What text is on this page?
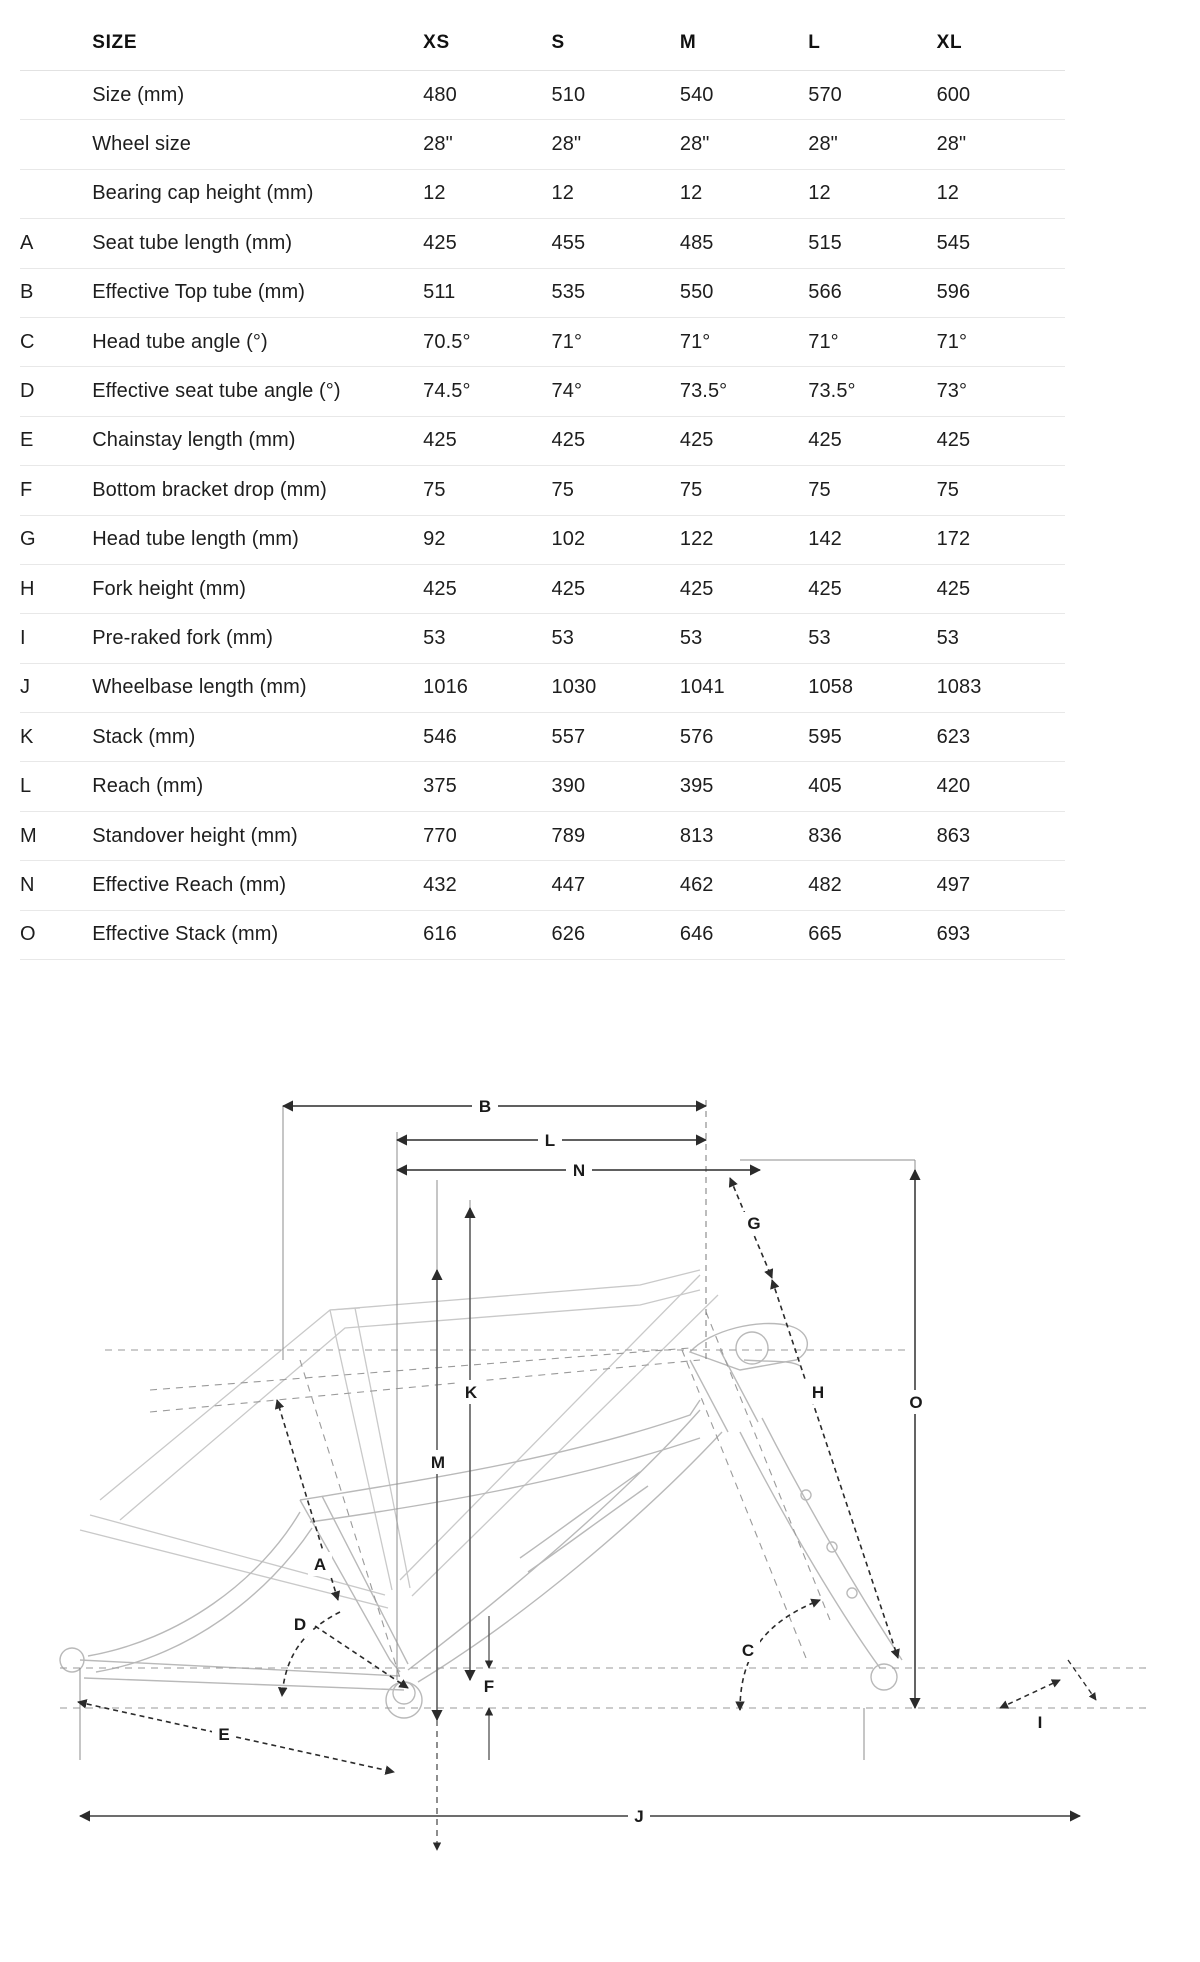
	SIZE	XS	S	M	L	XL
	Size (mm)	480	510	540	570	600
	Wheel size	28"	28"	28"	28"	28"
	Bearing cap height (mm)	12	12	12	12	12
A	Seat tube length (mm)	425	455	485	515	545
B	Effective Top tube (mm)	511	535	550	566	596
C	Head tube angle (°)	70.5°	71°	71°	71°	71°
D	Effective seat tube angle (°)	74.5°	74°	73.5°	73.5°	73°
E	Chainstay length (mm)	425	425	425	425	425
F	Bottom bracket drop (mm)	75	75	75	75	75
G	Head tube length (mm)	92	102	122	142	172
H	Fork height (mm)	425	425	425	425	425
I	Pre-raked fork (mm)	53	53	53	53	53
J	Wheelbase length (mm)	1016	1030	1041	1058	1083
K	Stack (mm)	546	557	576	595	623
L	Reach (mm)	375	390	395	405	420
M	Standover height (mm)	770	789	813	836	863
N	Effective Reach (mm)	432	447	462	482	497
O	Effective Stack (mm)	616	626	646	665	693
B
L
N
K
M
O
G
H
C
A
D
E
F
I
J
